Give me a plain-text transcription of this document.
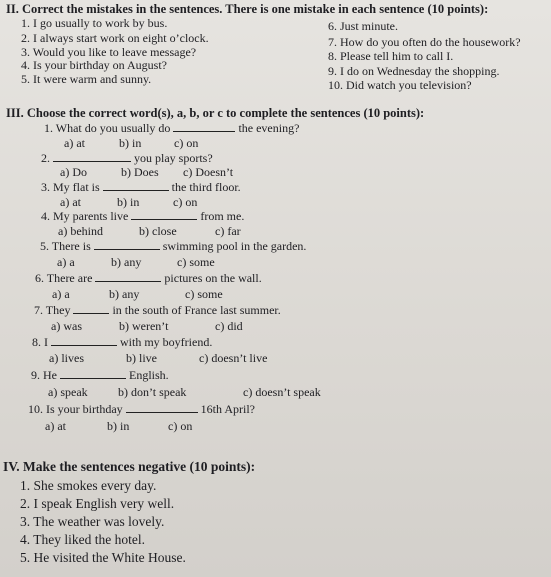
II. Correct the mistakes in the sentences. There is one mistake in each sentence (10 points):
1. I go usually to work by bus.
2. I always start work on eight o’clock.
3. Would you like to leave message?
4. Is your birthday on August?
5. It were warm and sunny.
6. Just minute.
7. How do you often do the housework?
8. Please tell him to call I.
9. I do on Wednesday the shopping.
10. Did watch you television?
III. Choose the correct word(s), a, b, or c to complete the sentences (10 points):
1. What do you usually do	the evening?
a) at	b) in	c) on
2.	you play sports?
a) Do	b) Does c) Doesn’t
3. My flat is	the third floor.
a) at	b) in	c) on
4. My parents live	from me.
a) behind	b) close	c) far
5. There is	swimming pool in the garden.
a) a	b) any	c) some
6. There are	pictures on the wall.
a) a	b) any	c) some
7. They	in the south of France last summer.
a) was	b) weren’t	c) did
8. I	with my boyfriend.
a) lives	b) live	c) doesn’t live
9. He	English.
a) speak	b) don’t speak	c) doesn’t speak
10. Is your birthday	16th April?
a) at	b) in	c) on
IV. Make the sentences negative (10 points):
1. She smokes every day.
2. I speak English very well.
3. The weather was lovely.
4. They liked the hotel.
5. He visited the White House.
